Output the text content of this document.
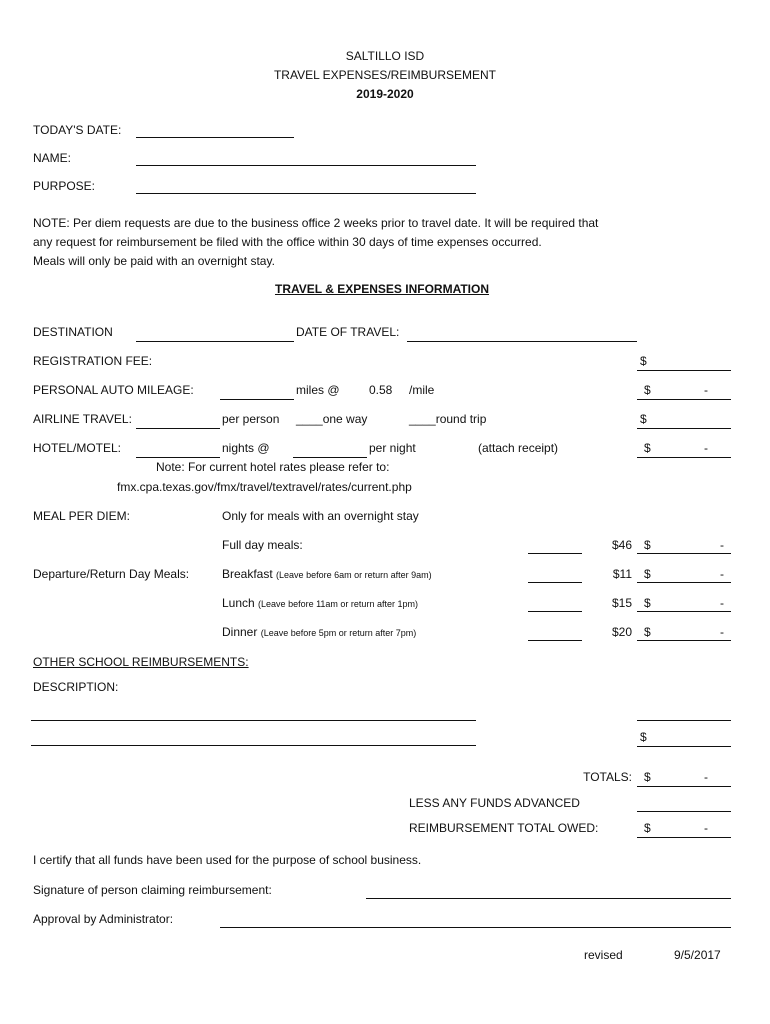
SALTILLO ISD
TRAVEL EXPENSES/REIMBURSEMENT
2019-2020
TODAY'S DATE:
NAME:
PURPOSE:
NOTE: Per diem requests are due to the business office 2 weeks prior to travel date. It will be required that
any request for reimbursement be filed with the office within 30 days of time expenses occurred.
Meals will only be paid with an overnight stay.
TRAVEL & EXPENSES INFORMATION
DESTINATION	DATE OF TRAVEL:
REGISTRATION FEE:	$
PERSONAL AUTO MILEAGE:	miles @ 0.58 /mile	$	-
AIRLINE TRAVEL:	per person ____one way	____round trip	$
HOTEL/MOTEL:	nights @	per night	(attach receipt)	$	-
Note: For current hotel rates please refer to:
fmx.cpa.texas.gov/fmx/travel/textravel/rates/current.php
MEAL PER DIEM:	Only for meals with an overnight stay
Full day meals:	$46 $	-
Departure/Return Day Meals:	Breakfast (Leave before 6am or return after 9am)	$11 $	-
Lunch (Leave before 11am or return after 1pm)	$15 $	-
Dinner (Leave before 5pm or return after 7pm)	$20 $	-
OTHER SCHOOL REIMBURSEMENTS:
DESCRIPTION:
$
TOTALS: $	-
LESS ANY FUNDS ADVANCED
REIMBURSEMENT TOTAL OWED:	$	-
I certify that all funds have been used for the purpose of school business.
Signature of person claiming reimbursement:
Approval by Administrator:
revised	9/5/2017
